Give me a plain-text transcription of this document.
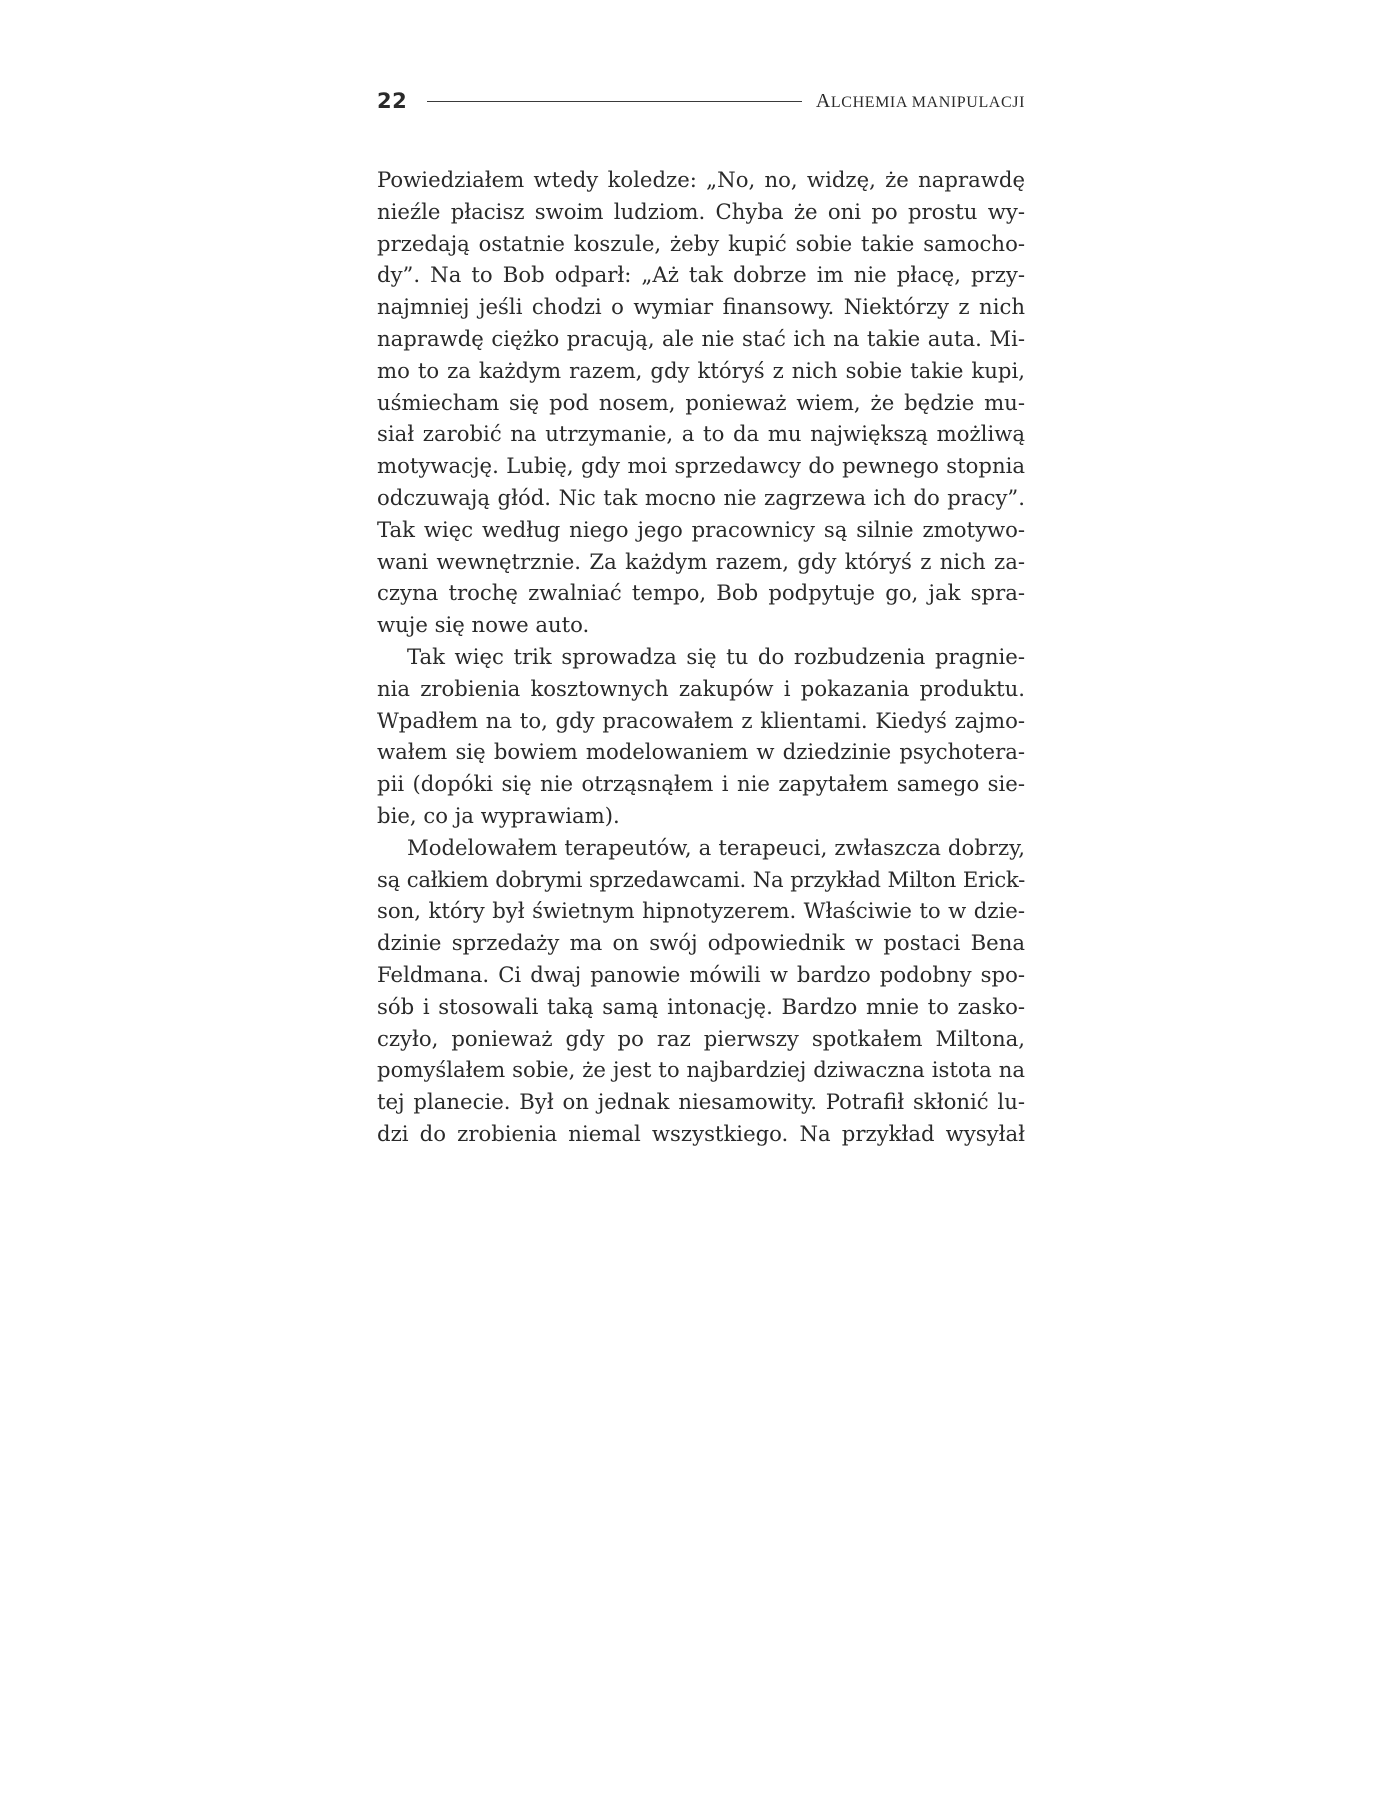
22	ALCHEMIA MANIPULACJI

Powiedziałem wtedy koledze: „No, no, widzę, że naprawdę
nieźle płacisz swoim ludziom. Chyba że oni po prostu wy-
przedają ostatnie koszule, żeby kupić sobie takie samocho-
dy”. Na to Bob odparł: „Aż tak dobrze im nie płacę, przy-
najmniej jeśli chodzi o wymiar finansowy. Niektórzy z nich
naprawdę ciężko pracują, ale nie stać ich na takie auta. Mi-
mo to za każdym razem, gdy któryś z nich sobie takie kupi,
uśmiecham się pod nosem, ponieważ wiem, że będzie mu-
siał zarobić na utrzymanie, a to da mu największą możliwą
motywację. Lubię, gdy moi sprzedawcy do pewnego stopnia
odczuwają głód. Nic tak mocno nie zagrzewa ich do pracy”.
Tak więc według niego jego pracownicy są silnie zmotywo-
wani wewnętrznie. Za każdym razem, gdy któryś z nich za-
czyna trochę zwalniać tempo, Bob podpytuje go, jak spra-
wuje się nowe auto.

Tak więc trik sprowadza się tu do rozbudzenia pragnie-
nia zrobienia kosztownych zakupów i pokazania produktu.
Wpadłem na to, gdy pracowałem z klientami. Kiedyś zajmo-
wałem się bowiem modelowaniem w dziedzinie psychotera-
pii (dopóki się nie otrząsnąłem i nie zapytałem samego sie-
bie, co ja wyprawiam).

Modelowałem terapeutów, a terapeuci, zwłaszcza dobrzy,
są całkiem dobrymi sprzedawcami. Na przykład Milton Erick-
son, który był świetnym hipnotyzerem. Właściwie to w dzie-
dzinie sprzedaży ma on swój odpowiednik w postaci Bena
Feldmana. Ci dwaj panowie mówili w bardzo podobny spo-
sób i stosowali taką samą intonację. Bardzo mnie to zasko-
czyło, ponieważ gdy po raz pierwszy spotkałem Miltona,
pomyślałem sobie, że jest to najbardziej dziwaczna istota na
tej planecie. Był on jednak niesamowity. Potrafił skłonić lu-
dzi do zrobienia niemal wszystkiego. Na przykład wysyłał
